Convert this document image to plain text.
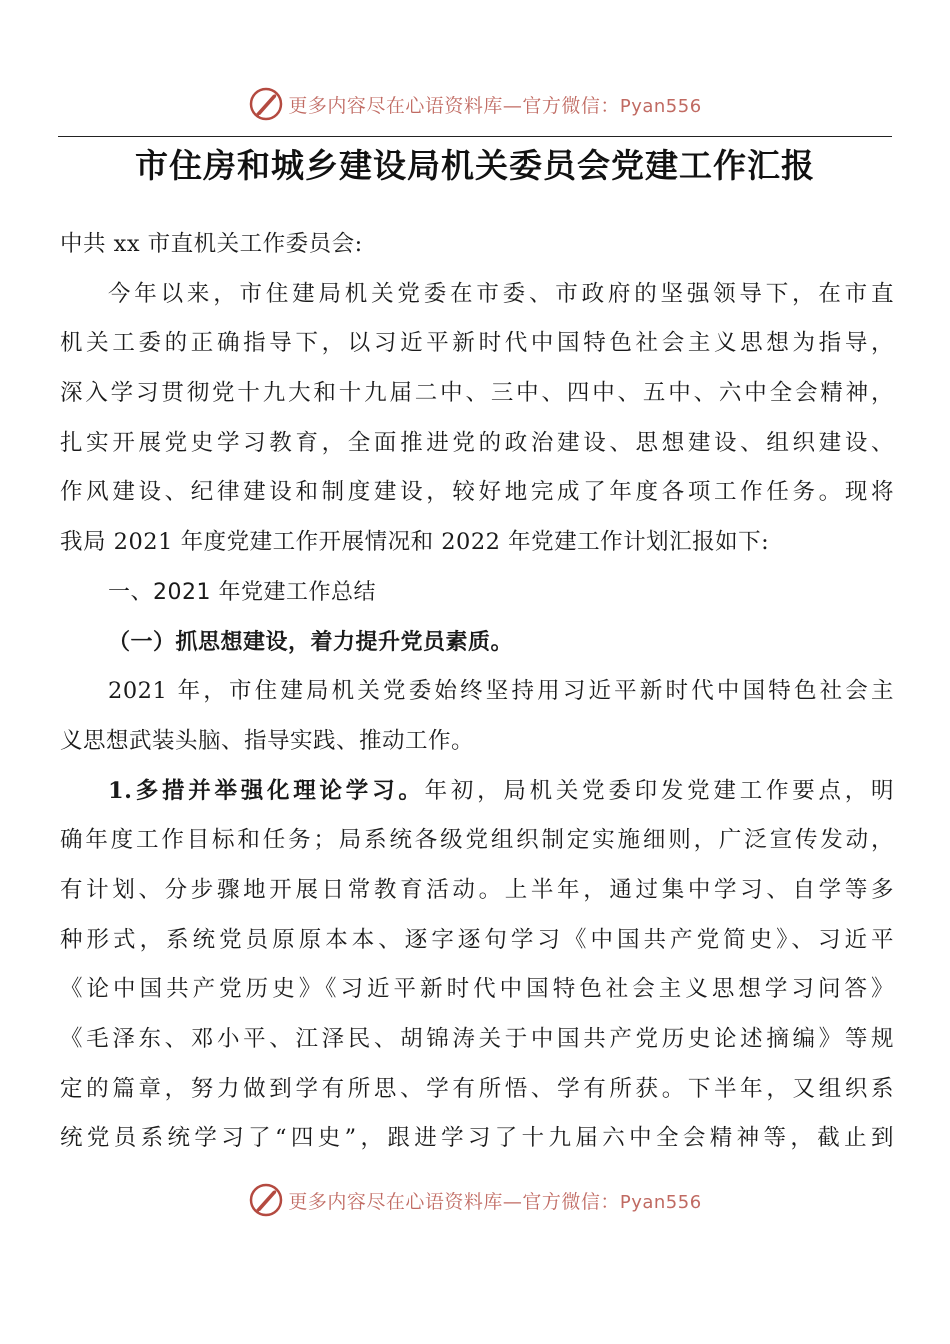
更多内容尽在心语资料库—官方微信：Pyan556
市住房和城乡建设局机关委员会党建工作汇报
中共 xx 市直机关工作委员会:
今年以来，市住建局机关党委在市委、市政府的坚强领导下，在市直
机关工委的正确指导下，以习近平新时代中国特色社会主义思想为指导，
深入学习贯彻党十九大和十九届二中、三中、四中、五中、六中全会精神，
扎实开展党史学习教育，全面推进党的政治建设、思想建设、组织建设、
作风建设、纪律建设和制度建设，较好地完成了年度各项工作任务。现将
我局 2021 年度党建工作开展情况和 2022 年党建工作计划汇报如下:
一、2021 年党建工作总结
（一）抓思想建设，着力提升党员素质。
2021 年，市住建局机关党委始终坚持用习近平新时代中国特色社会主
义思想武装头脑、指导实践、推动工作。
1.多措并举强化理论学习。年初，局机关党委印发党建工作要点，明
确年度工作目标和任务；局系统各级党组织制定实施细则，广泛宣传发动，
有计划、分步骤地开展日常教育活动。上半年，通过集中学习、自学等多
种形式，系统党员原原本本、逐字逐句学习《中国共产党简史》、习近平
《论中国共产党历史》《习近平新时代中国特色社会主义思想学习问答》
《毛泽东、邓小平、江泽民、胡锦涛关于中国共产党历史论述摘编》等规
定的篇章，努力做到学有所思、学有所悟、学有所获。下半年，又组织系
统党员系统学习了“四史”，跟进学习了十九届六中全会精神等，截止到
更多内容尽在心语资料库—官方微信：Pyan556
